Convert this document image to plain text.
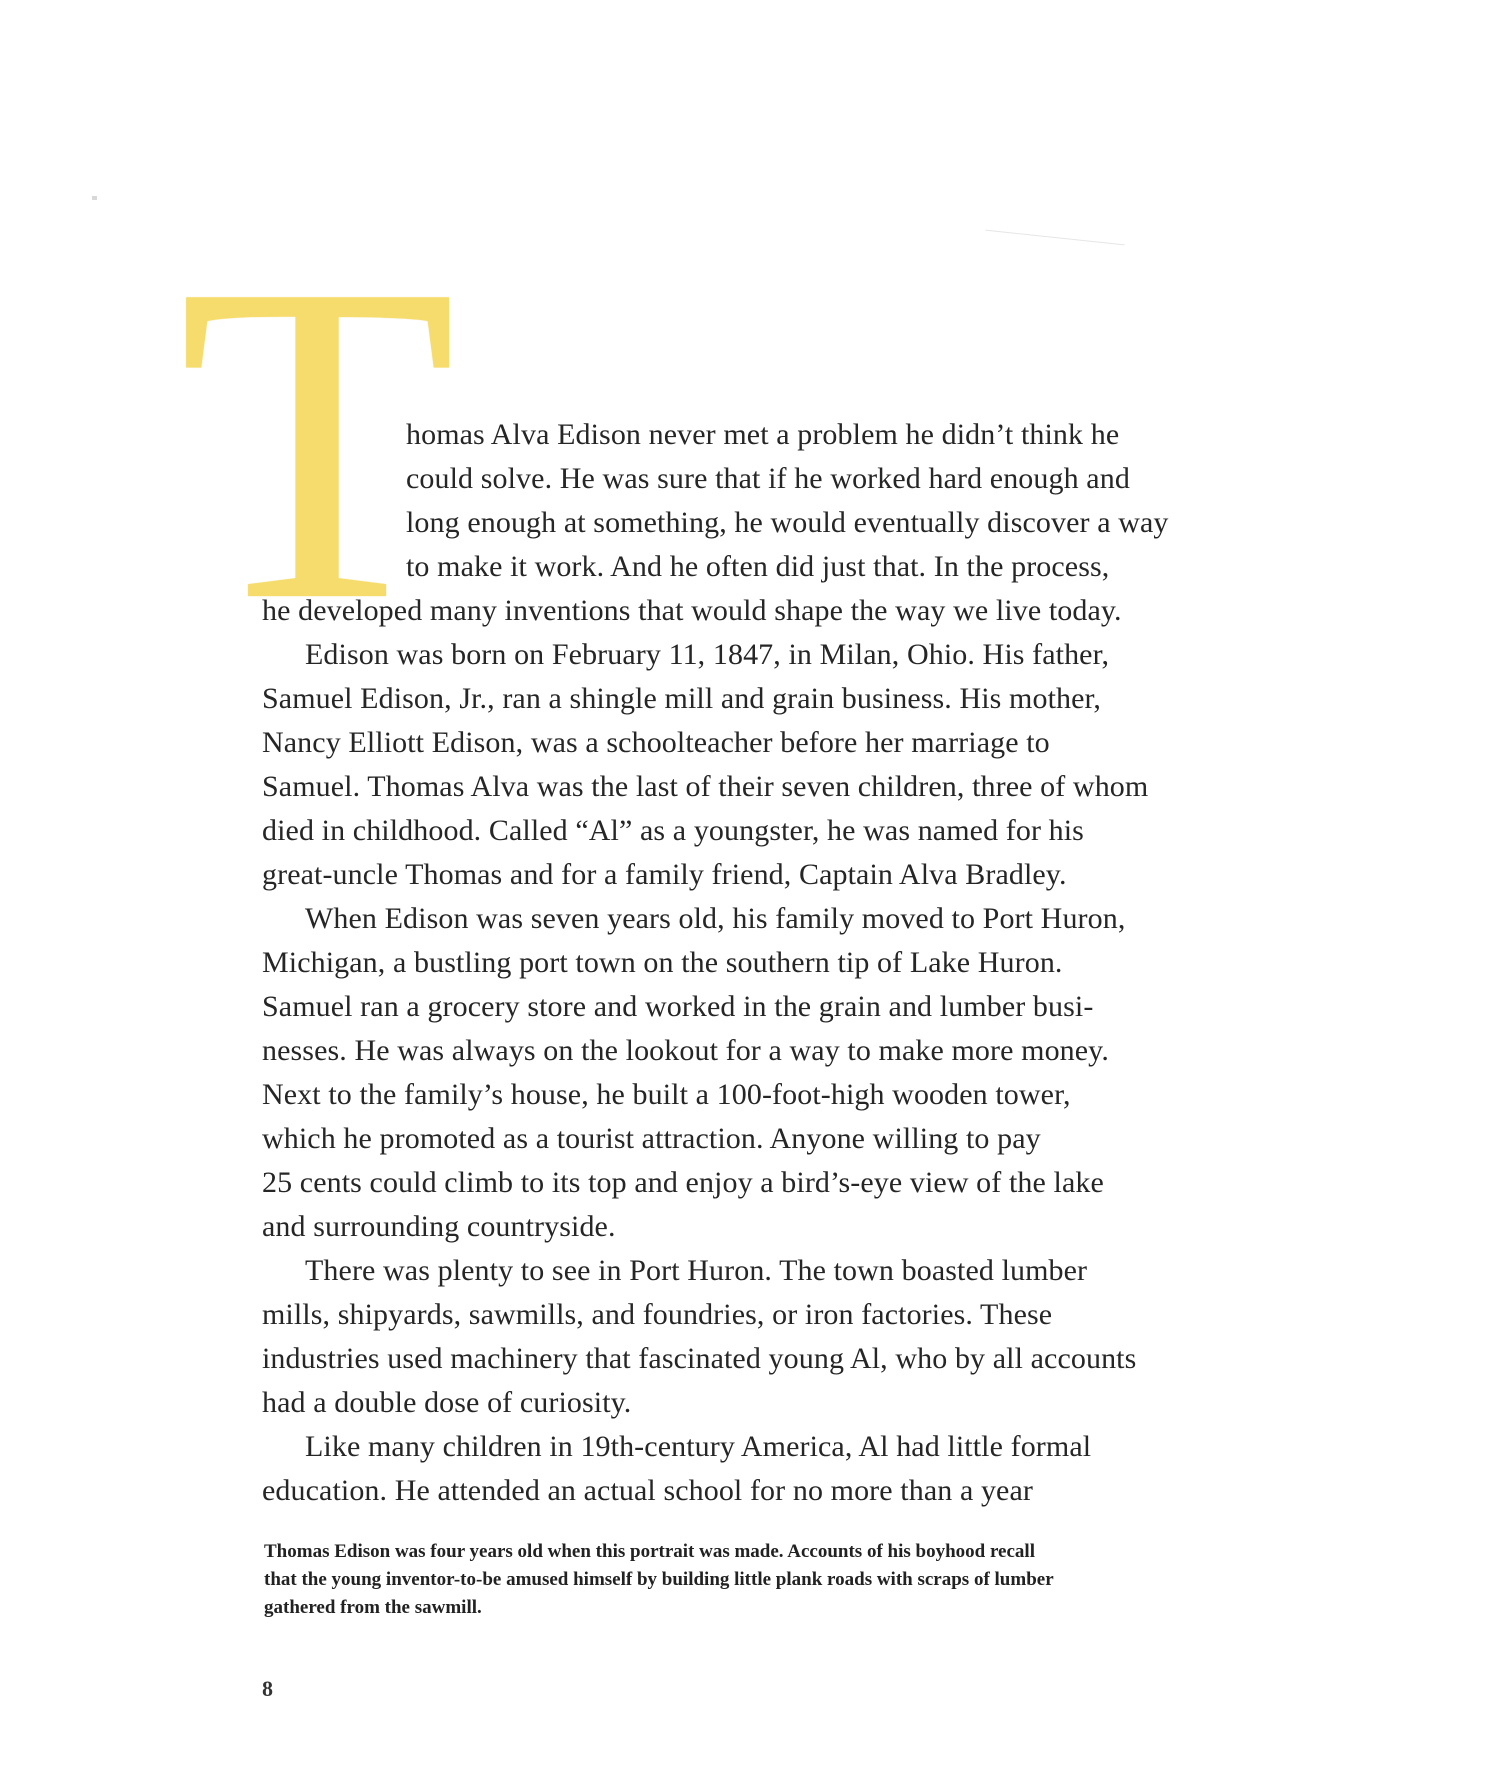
T
homas Alva Edison never met a problem he didn’t think he
could solve. He was sure that if he worked hard enough and
long enough at something, he would eventually discover a way
to make it work. And he often did just that. In the process,
he developed many inventions that would shape the way we live today.
Edison was born on February 11, 1847, in Milan, Ohio. His father,
Samuel Edison, Jr., ran a shingle mill and grain business. His mother,
Nancy Elliott Edison, was a schoolteacher before her marriage to
Samuel. Thomas Alva was the last of their seven children, three of whom
died in childhood. Called “Al” as a youngster, he was named for his
great-uncle Thomas and for a family friend, Captain Alva Bradley.
When Edison was seven years old, his family moved to Port Huron,
Michigan, a bustling port town on the southern tip of Lake Huron.
Samuel ran a grocery store and worked in the grain and lumber busi-
nesses. He was always on the lookout for a way to make more money.
Next to the family’s house, he built a 100-foot-high wooden tower,
which he promoted as a tourist attraction. Anyone willing to pay
25 cents could climb to its top and enjoy a bird’s-eye view of the lake
and surrounding countryside.
There was plenty to see in Port Huron. The town boasted lumber
mills, shipyards, sawmills, and foundries, or iron factories. These
industries used machinery that fascinated young Al, who by all accounts
had a double dose of curiosity.
Like many children in 19th-century America, Al had little formal
education. He attended an actual school for no more than a year
Thomas Edison was four years old when this portrait was made. Accounts of his boyhood recall
that the young inventor-to-be amused himself by building little plank roads with scraps of lumber
gathered from the sawmill.
8
